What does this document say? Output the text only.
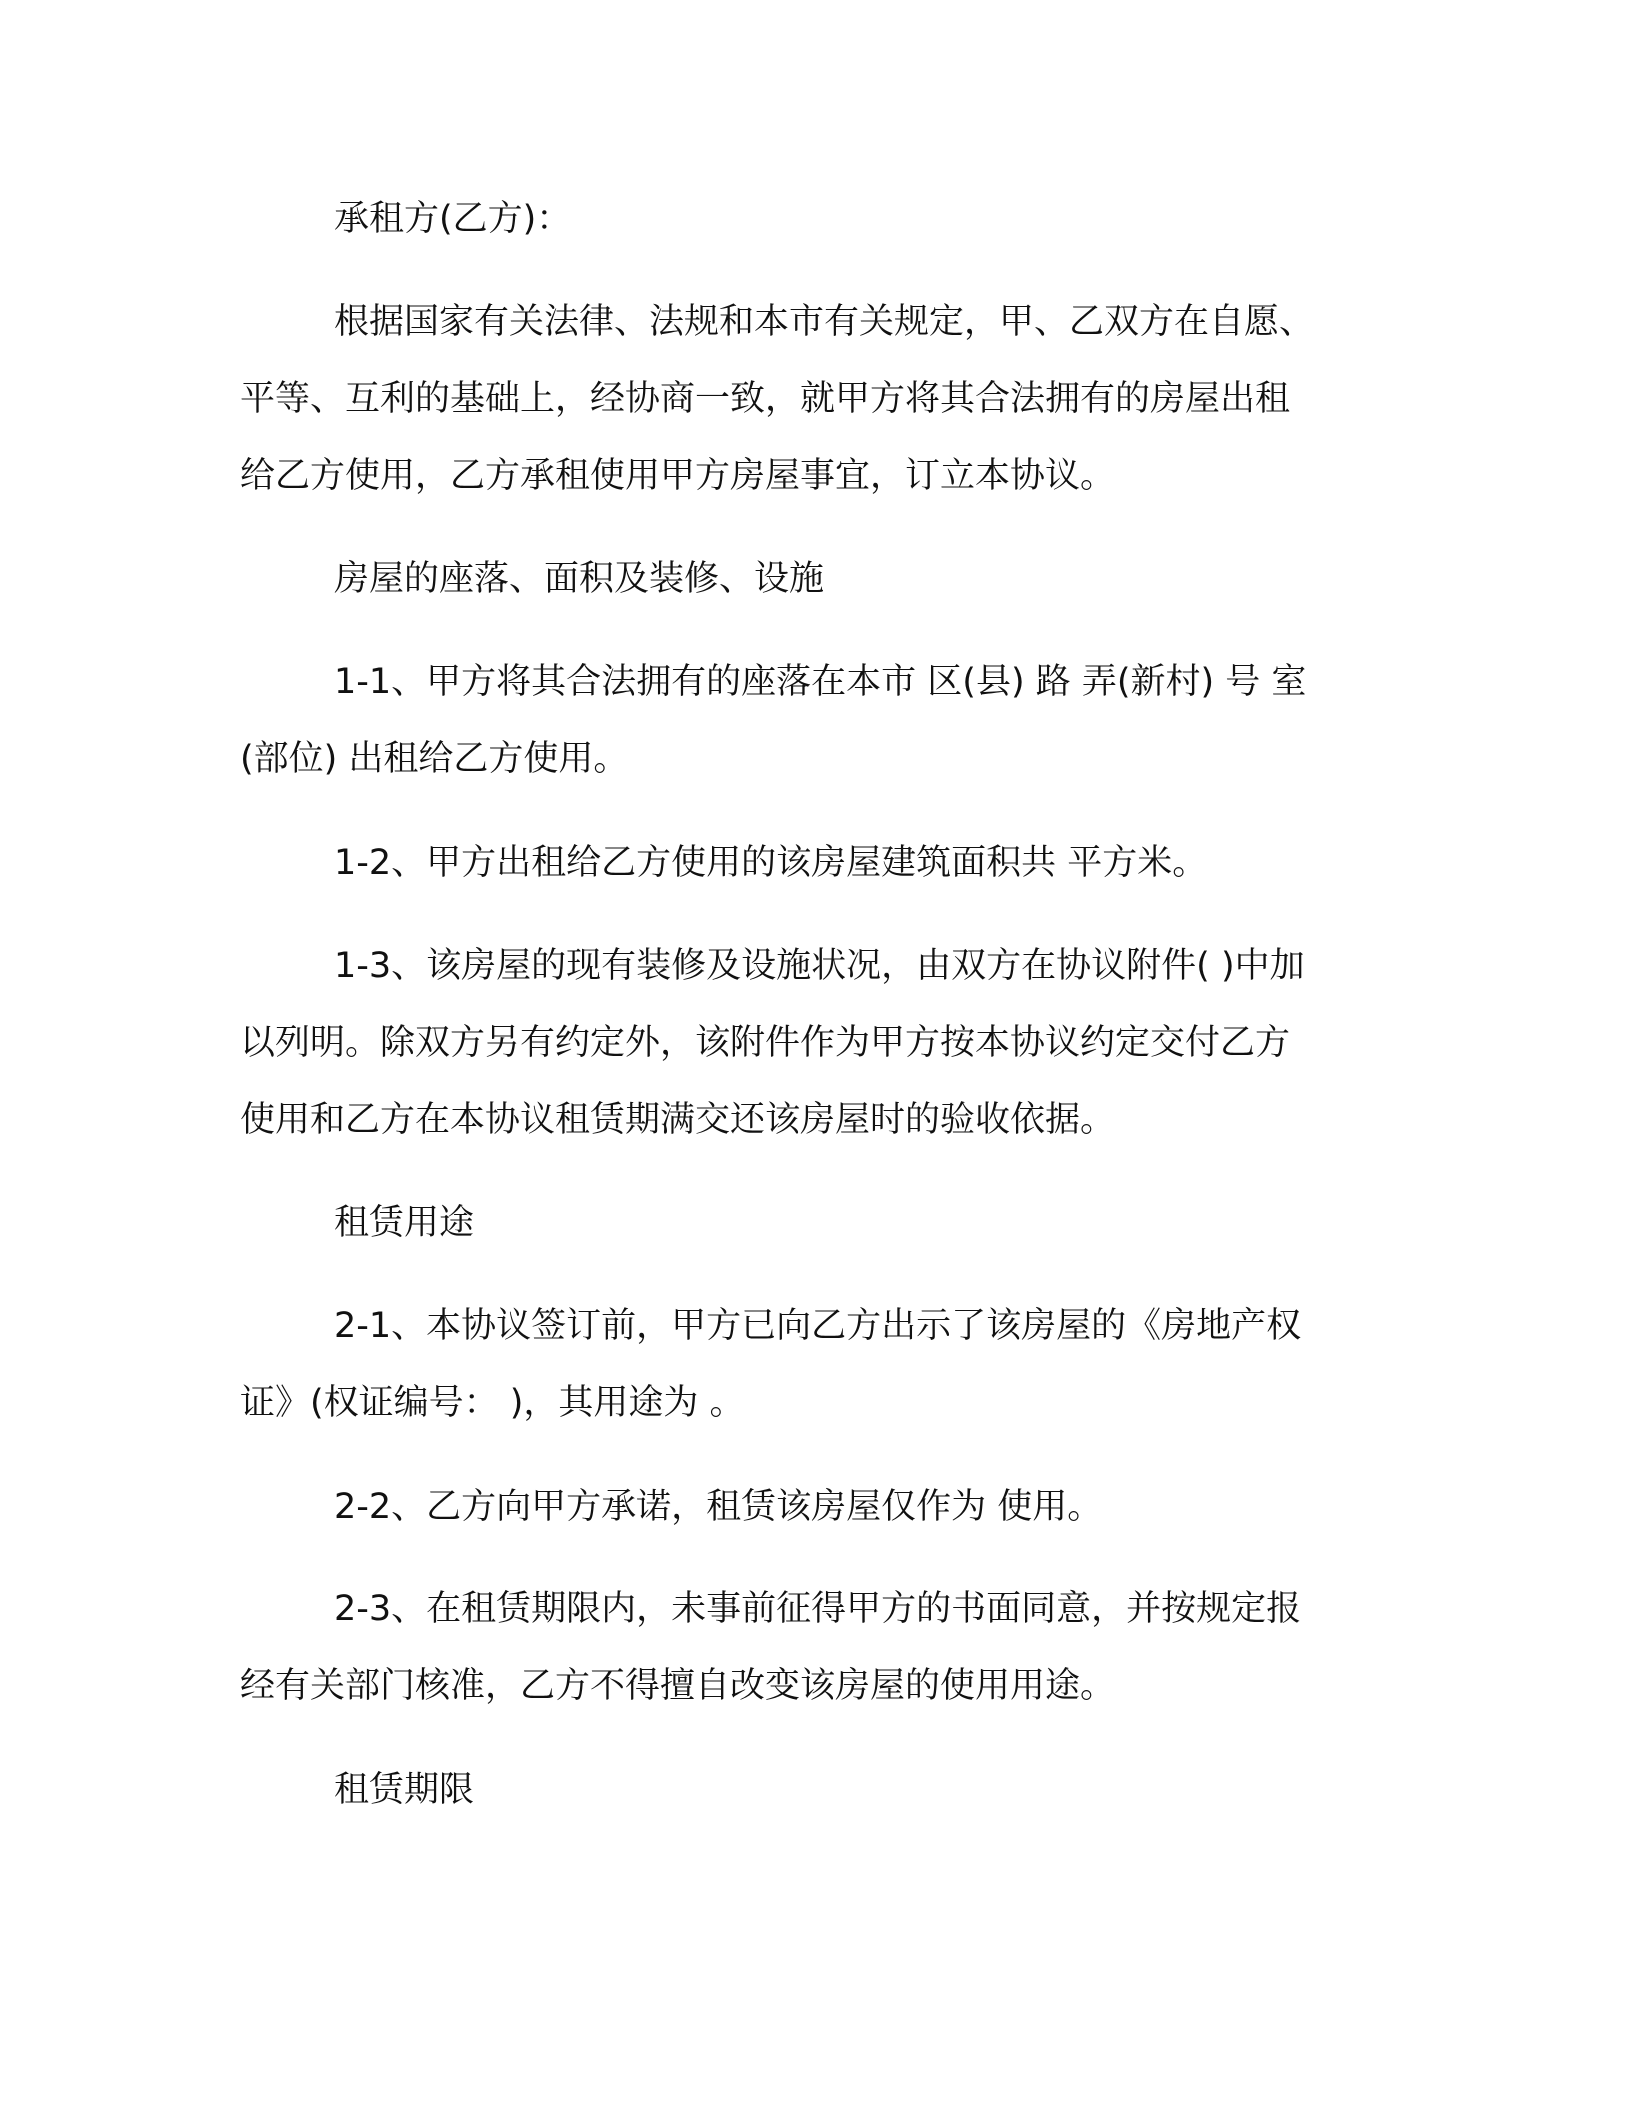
承租方(乙方)：
根据国家有关法律、法规和本市有关规定，甲、乙双方在自愿、
平等、互利的基础上，经协商一致，就甲方将其合法拥有的房屋出租
给乙方使用，乙方承租使用甲方房屋事宜，订立本协议。
房屋的座落、面积及装修、设施
1-1、甲方将其合法拥有的座落在本市 区(县) 路 弄(新村) 号 室
(部位) 出租给乙方使用。
1-2、甲方出租给乙方使用的该房屋建筑面积共 平方米。
1-3、该房屋的现有装修及设施状况，由双方在协议附件( )中加
以列明。除双方另有约定外，该附件作为甲方按本协议约定交付乙方
使用和乙方在本协议租赁期满交还该房屋时的验收依据。
租赁用途
2-1、本协议签订前，甲方已向乙方出示了该房屋的《房地产权
证》(权证编号： )，其用途为 。
2-2、乙方向甲方承诺，租赁该房屋仅作为 使用。
2-3、在租赁期限内，未事前征得甲方的书面同意，并按规定报
经有关部门核准，乙方不得擅自改变该房屋的使用用途。
租赁期限
